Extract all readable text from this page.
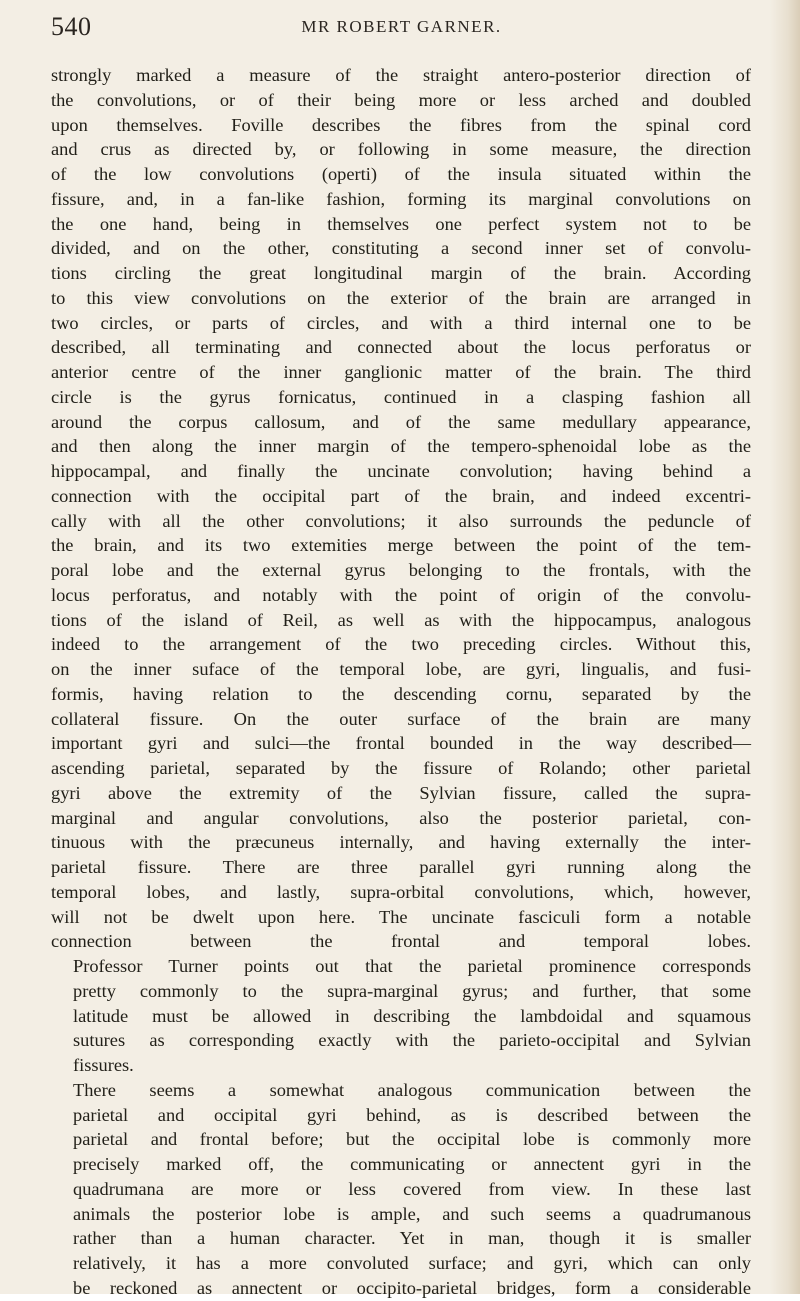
540	MR ROBERT GARNER.

strongly marked a measure of the straight antero-posterior direction of
the convolutions, or of their being more or less arched and doubled
upon themselves. Foville describes the fibres from the spinal cord
and crus as directed by, or following in some measure, the direction
of the low convolutions (operti) of the insula situated within the
fissure, and, in a fan-like fashion, forming its marginal convolutions on
the one hand, being in themselves one perfect system not to be
divided, and on the other, constituting a second inner set of convolu-
tions circling the great longitudinal margin of the brain. According
to this view convolutions on the exterior of the brain are arranged in
two circles, or parts of circles, and with a third internal one to be
described, all terminating and connected about the locus perforatus or
anterior centre of the inner ganglionic matter of the brain. The third
circle is the gyrus fornicatus, continued in a clasping fashion all
around the corpus callosum, and of the same medullary appearance,
and then along the inner margin of the tempero-sphenoidal lobe as the
hippocampal, and finally the uncinate convolution; having behind a
connection with the occipital part of the brain, and indeed excentri-
cally with all the other convolutions; it also surrounds the peduncle of
the brain, and its two extemities merge between the point of the tem-
poral lobe and the external gyrus belonging to the frontals, with the
locus perforatus, and notably with the point of origin of the convolu-
tions of the island of Reil, as well as with the hippocampus, analogous
indeed to the arrangement of the two preceding circles. Without this,
on the inner suface of the temporal lobe, are gyri, lingualis, and fusi-
formis, having relation to the descending cornu, separated by the
collateral fissure. On the outer surface of the brain are many
important gyri and sulci—the frontal bounded in the way described—
ascending parietal, separated by the fissure of Rolando; other parietal
gyri above the extremity of the Sylvian fissure, called the supra-
marginal and angular convolutions, also the posterior parietal, con-
tinuous with the præcuneus internally, and having externally the inter-
parietal fissure. There are three parallel gyri running along the
temporal lobes, and lastly, supra-orbital convolutions, which, however,
will not be dwelt upon here. The uncinate fasciculi form a notable
connection between the frontal and temporal lobes.

Professor Turner points out that the parietal prominence corresponds
pretty commonly to the supra-marginal gyrus; and further, that some
latitude must be allowed in describing the lambdoidal and squamous
sutures as corresponding exactly with the parieto-occipital and Sylvian
fissures.

There seems a somewhat analogous communication between the
parietal and occipital gyri behind, as is described between the
parietal and frontal before; but the occipital lobe is commonly more
precisely marked off, the communicating or annectent gyri in the
quadrumana are more or less covered from view. In these last
animals the posterior lobe is ample, and such seems a quadrumanous
rather than a human character. Yet in man, though it is smaller
relatively, it has a more convoluted surface; and gyri, which can only
be reckoned as annectent or occipito-parietal bridges, form a considerable
